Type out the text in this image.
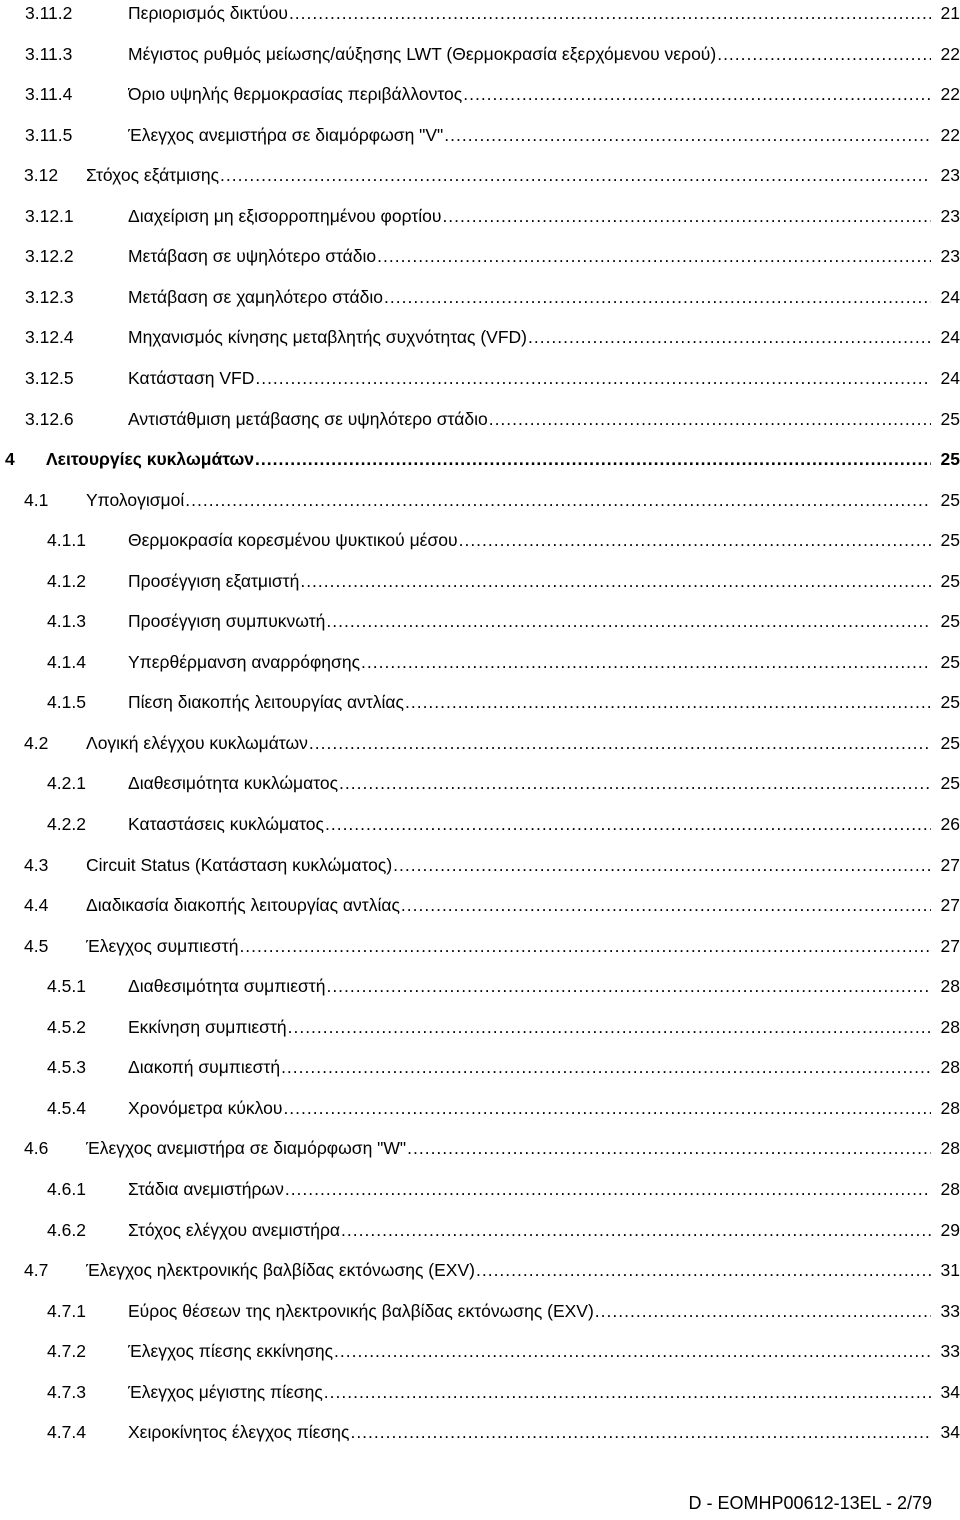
3.11.2	Περιορισμός δικτύου .....	21
3.11.3	Μέγιστος ρυθμός μείωσης/αύξησης LWT (Θερμοκρασία εξερχόμενου νερού) .....	22
3.11.4	Όριο υψηλής θερμοκρασίας περιβάλλοντος .....	22
3.11.5	Έλεγχος ανεμιστήρα σε διαμόρφωση "V" .....	22
3.12 Στόχος εξάτμισης .....	23
3.12.1	Διαχείριση μη εξισορροπημένου φορτίου .....	23
3.12.2	Μετάβαση σε υψηλότερο στάδιο .....	23
3.12.3	Μετάβαση σε χαμηλότερο στάδιο .....	24
3.12.4	Μηχανισμός κίνησης μεταβλητής συχνότητας (VFD) .....	24
3.12.5	Κατάσταση VFD .....	24
3.12.6	Αντιστάθμιση μετάβασης σε υψηλότερο στάδιο .....	25
4 Λειτουργίες κυκλωμάτων .....	25
4.1 Υπολογισμοί .....	25
4.1.1 Θερμοκρασία κορεσμένου ψυκτικού μέσου .....	25
4.1.2 Προσέγγιση εξατμιστή .....	25
4.1.3 Προσέγγιση συμπυκνωτή .....	25
4.1.4 Υπερθέρμανση αναρρόφησης .....	25
4.1.5 Πίεση διακοπής λειτουργίας αντλίας .....	25
4.2 Λογική ελέγχου κυκλωμάτων .....	25
4.2.1 Διαθεσιμότητα κυκλώματος .....	25
4.2.2 Καταστάσεις κυκλώματος .....	26
4.3 Circuit Status (Κατάσταση κυκλώματος) .....	27
4.4 Διαδικασία διακοπής λειτουργίας αντλίας .....	27
4.5 Έλεγχος συμπιεστή .....	27
4.5.1 Διαθεσιμότητα συμπιεστή .....	28
4.5.2 Εκκίνηση συμπιεστή .....	28
4.5.3 Διακοπή συμπιεστή .....	28
4.5.4 Χρονόμετρα κύκλου .....	28
4.6 Έλεγχος ανεμιστήρα σε διαμόρφωση "W" .....	28
4.6.1 Στάδια ανεμιστήρων .....	28
4.6.2 Στόχος ελέγχου ανεμιστήρα .....	29
4.7 Έλεγχος ηλεκτρονικής βαλβίδας εκτόνωσης (EXV) .....	31
4.7.1 Εύρος θέσεων της ηλεκτρονικής βαλβίδας εκτόνωσης (EXV) .....	33
4.7.2 Έλεγχος πίεσης εκκίνησης .....	33
4.7.3 Έλεγχος μέγιστης πίεσης .....	34
4.7.4 Χειροκίνητος έλεγχος πίεσης .....	34
D - EOMHP00612-13EL - 2/79
